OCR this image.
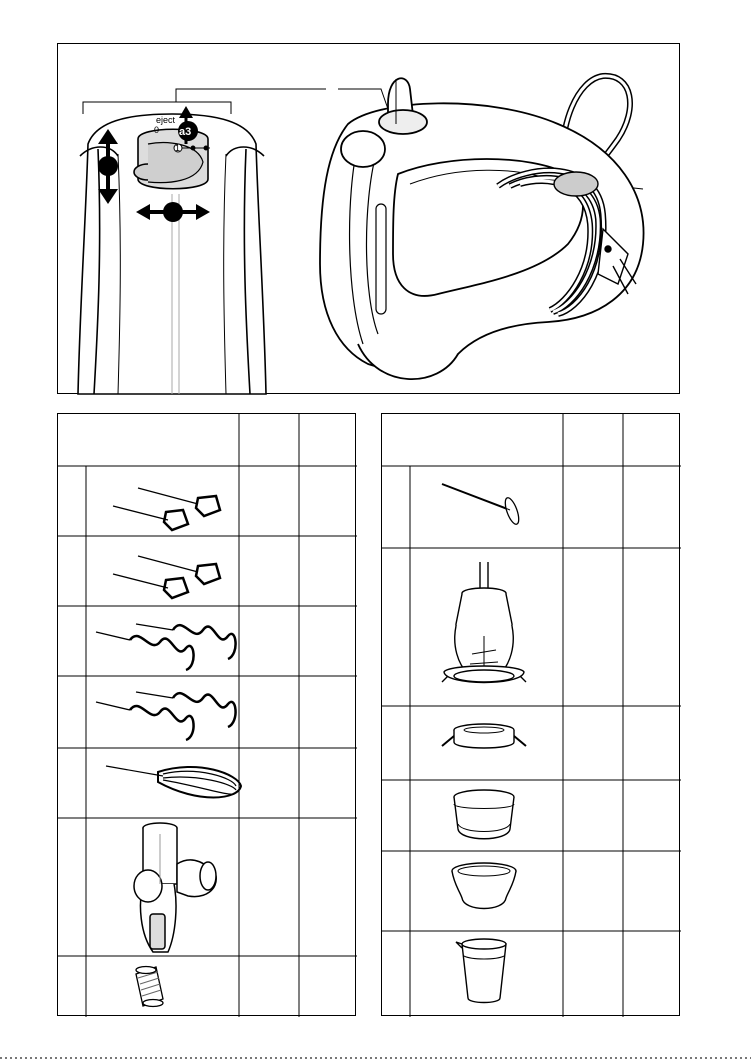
1
eject
0 a3
